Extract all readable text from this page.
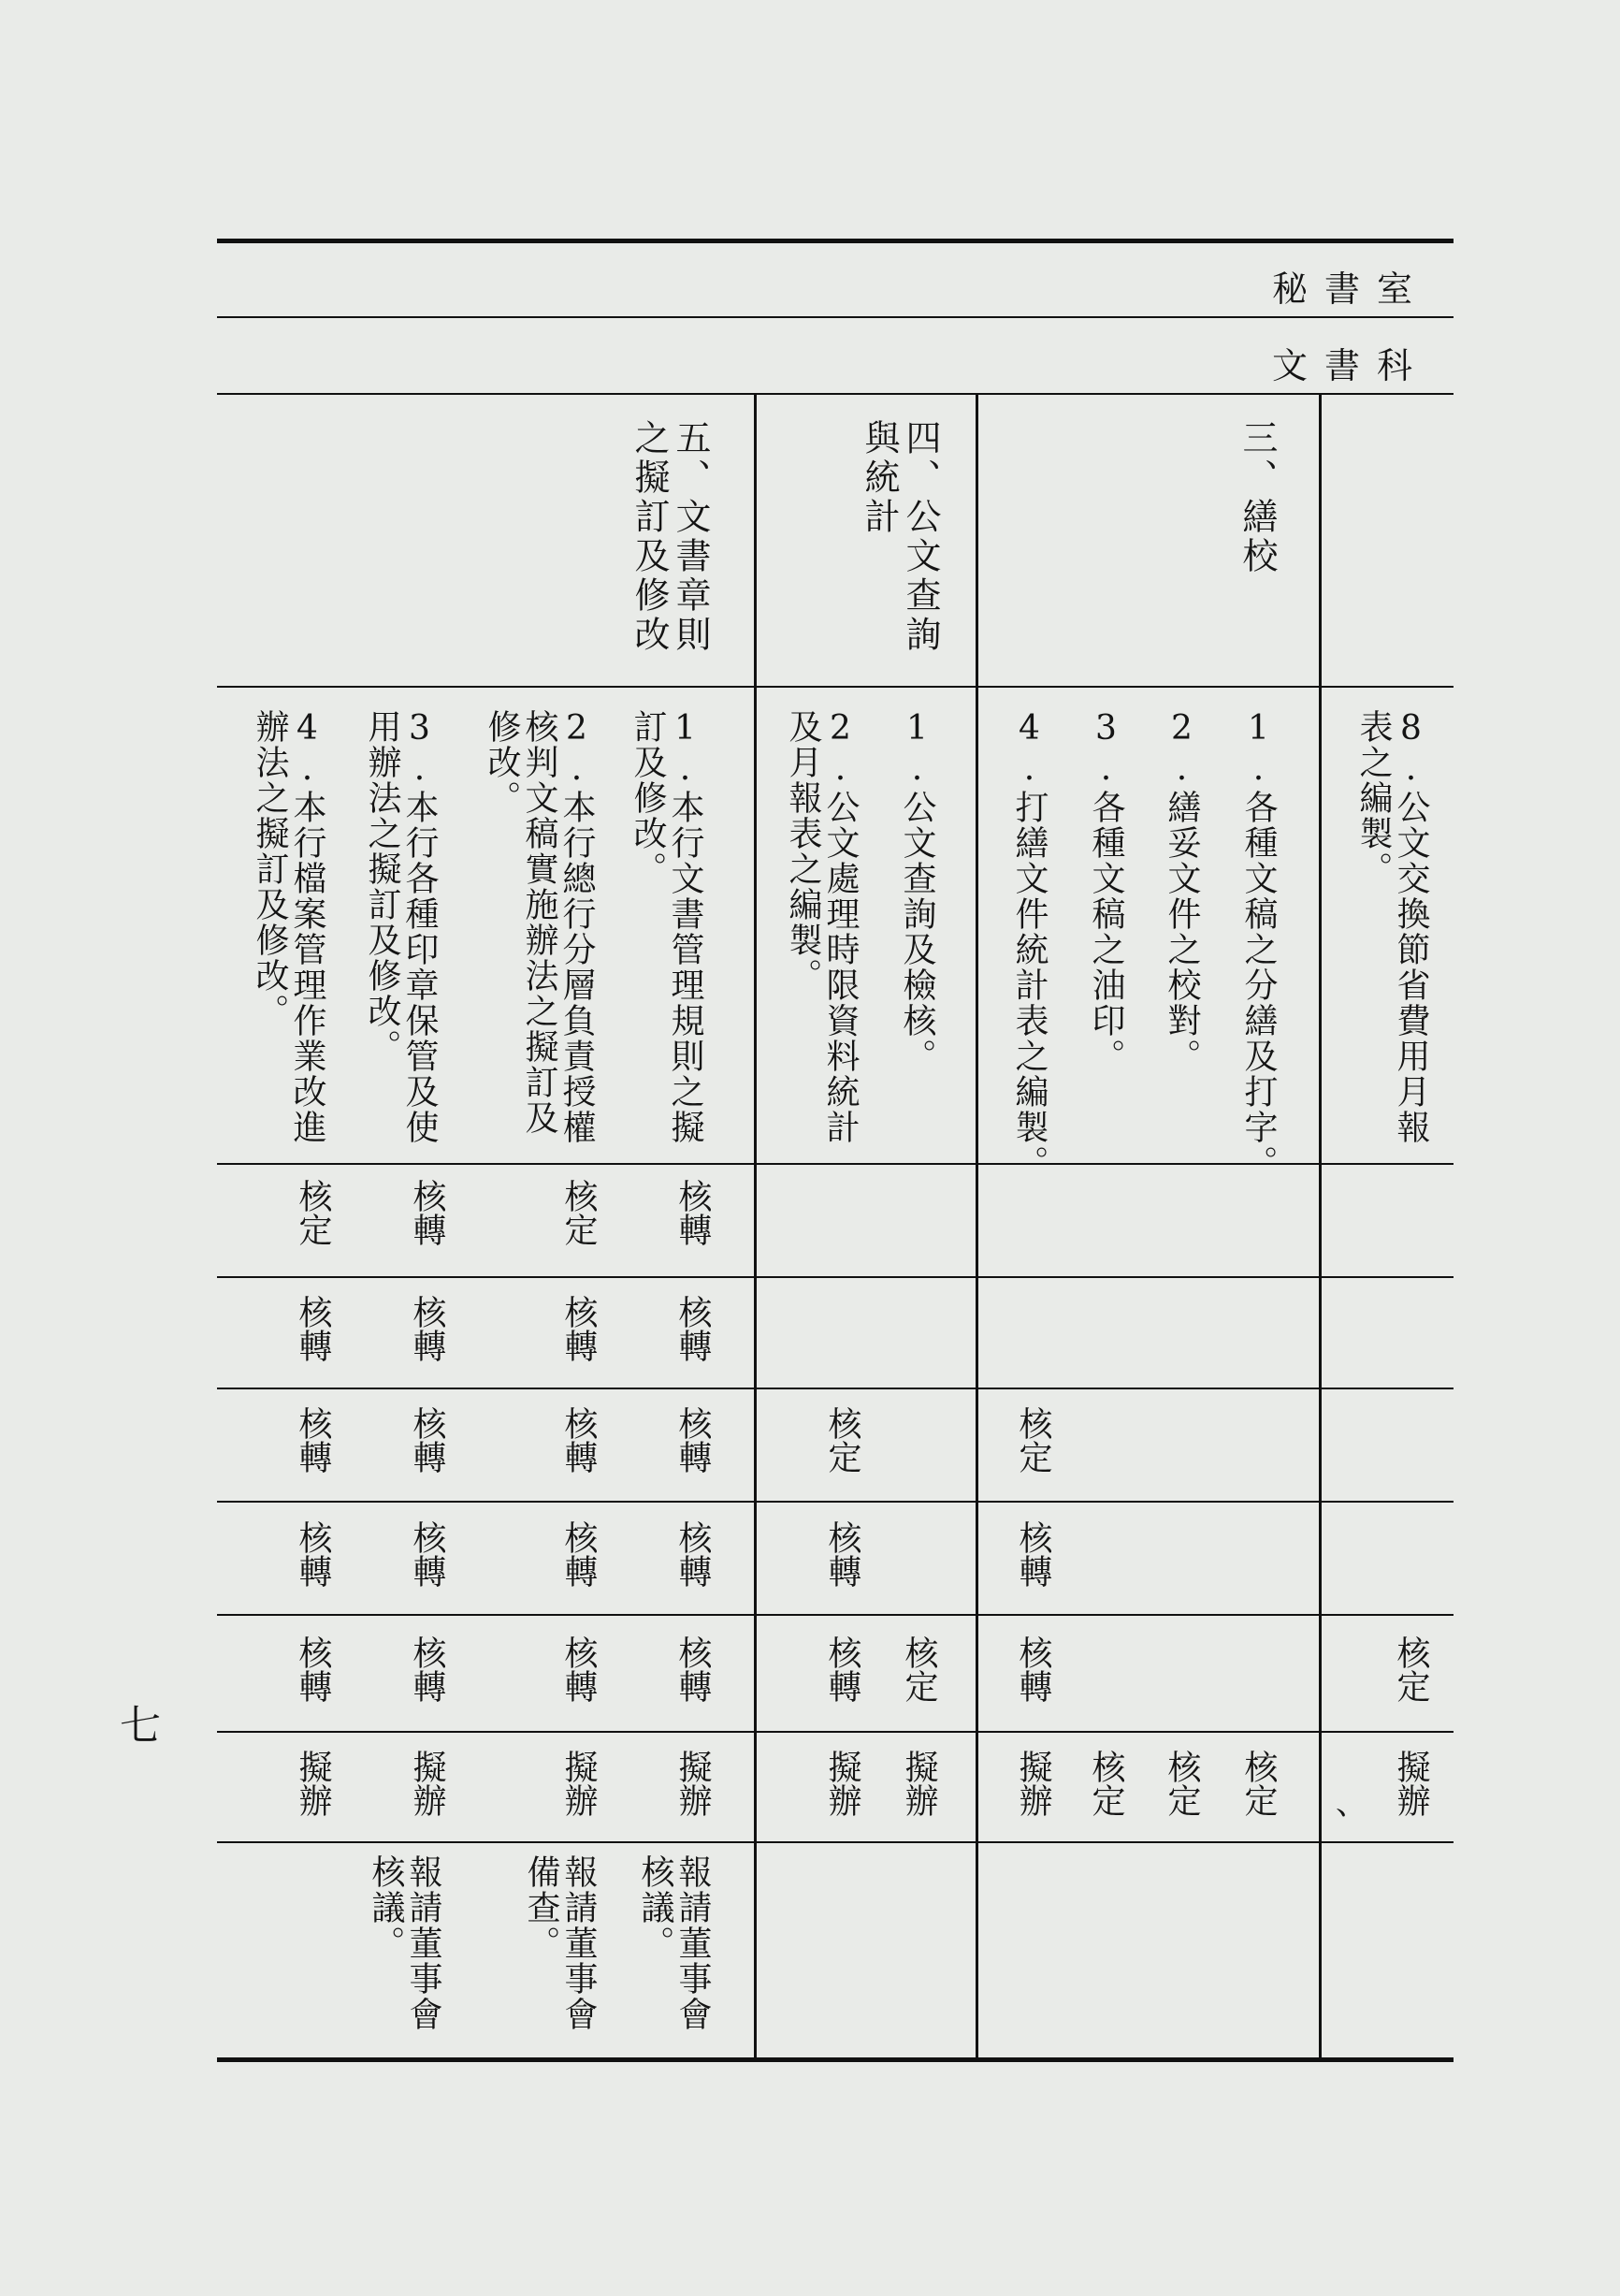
秘書室
文書科
三、繕校
四、公文查詢與統計
五、文書章則之擬訂及修改
8.公文交換節省費用月報表之編製。
1.各種文稿之分繕及打字。
2.繕妥文件之校對。
3.各種文稿之油印。
4.打繕文件統計表之編製。
1.公文查詢及檢核。
2.公文處理時限資料統計及月報表之編製。
1.本行文書管理規則之擬訂及修改。
2.本行總行分層負責授權核判文稿實施辦法之擬訂及修改。
3.本行各種印章保管及使用辦法之擬訂及修改。
4.本行檔案管理作業改進辦法之擬訂及修改。
核轉
核定
核轉
核定
核轉
核轉
核轉
核轉
核定
核定
核轉
核轉
核轉
核轉
核轉
核轉
核轉
核轉
核轉
核轉
核定
核轉
核定
核轉
核轉
核轉
核轉
核轉
擬辦
、
核定
核定
核定
擬辦
擬辦
擬辦
擬辦
擬辦
擬辦
擬辦
報請董事會核議。
報請董事會備查。
報請董事會核議。
七
